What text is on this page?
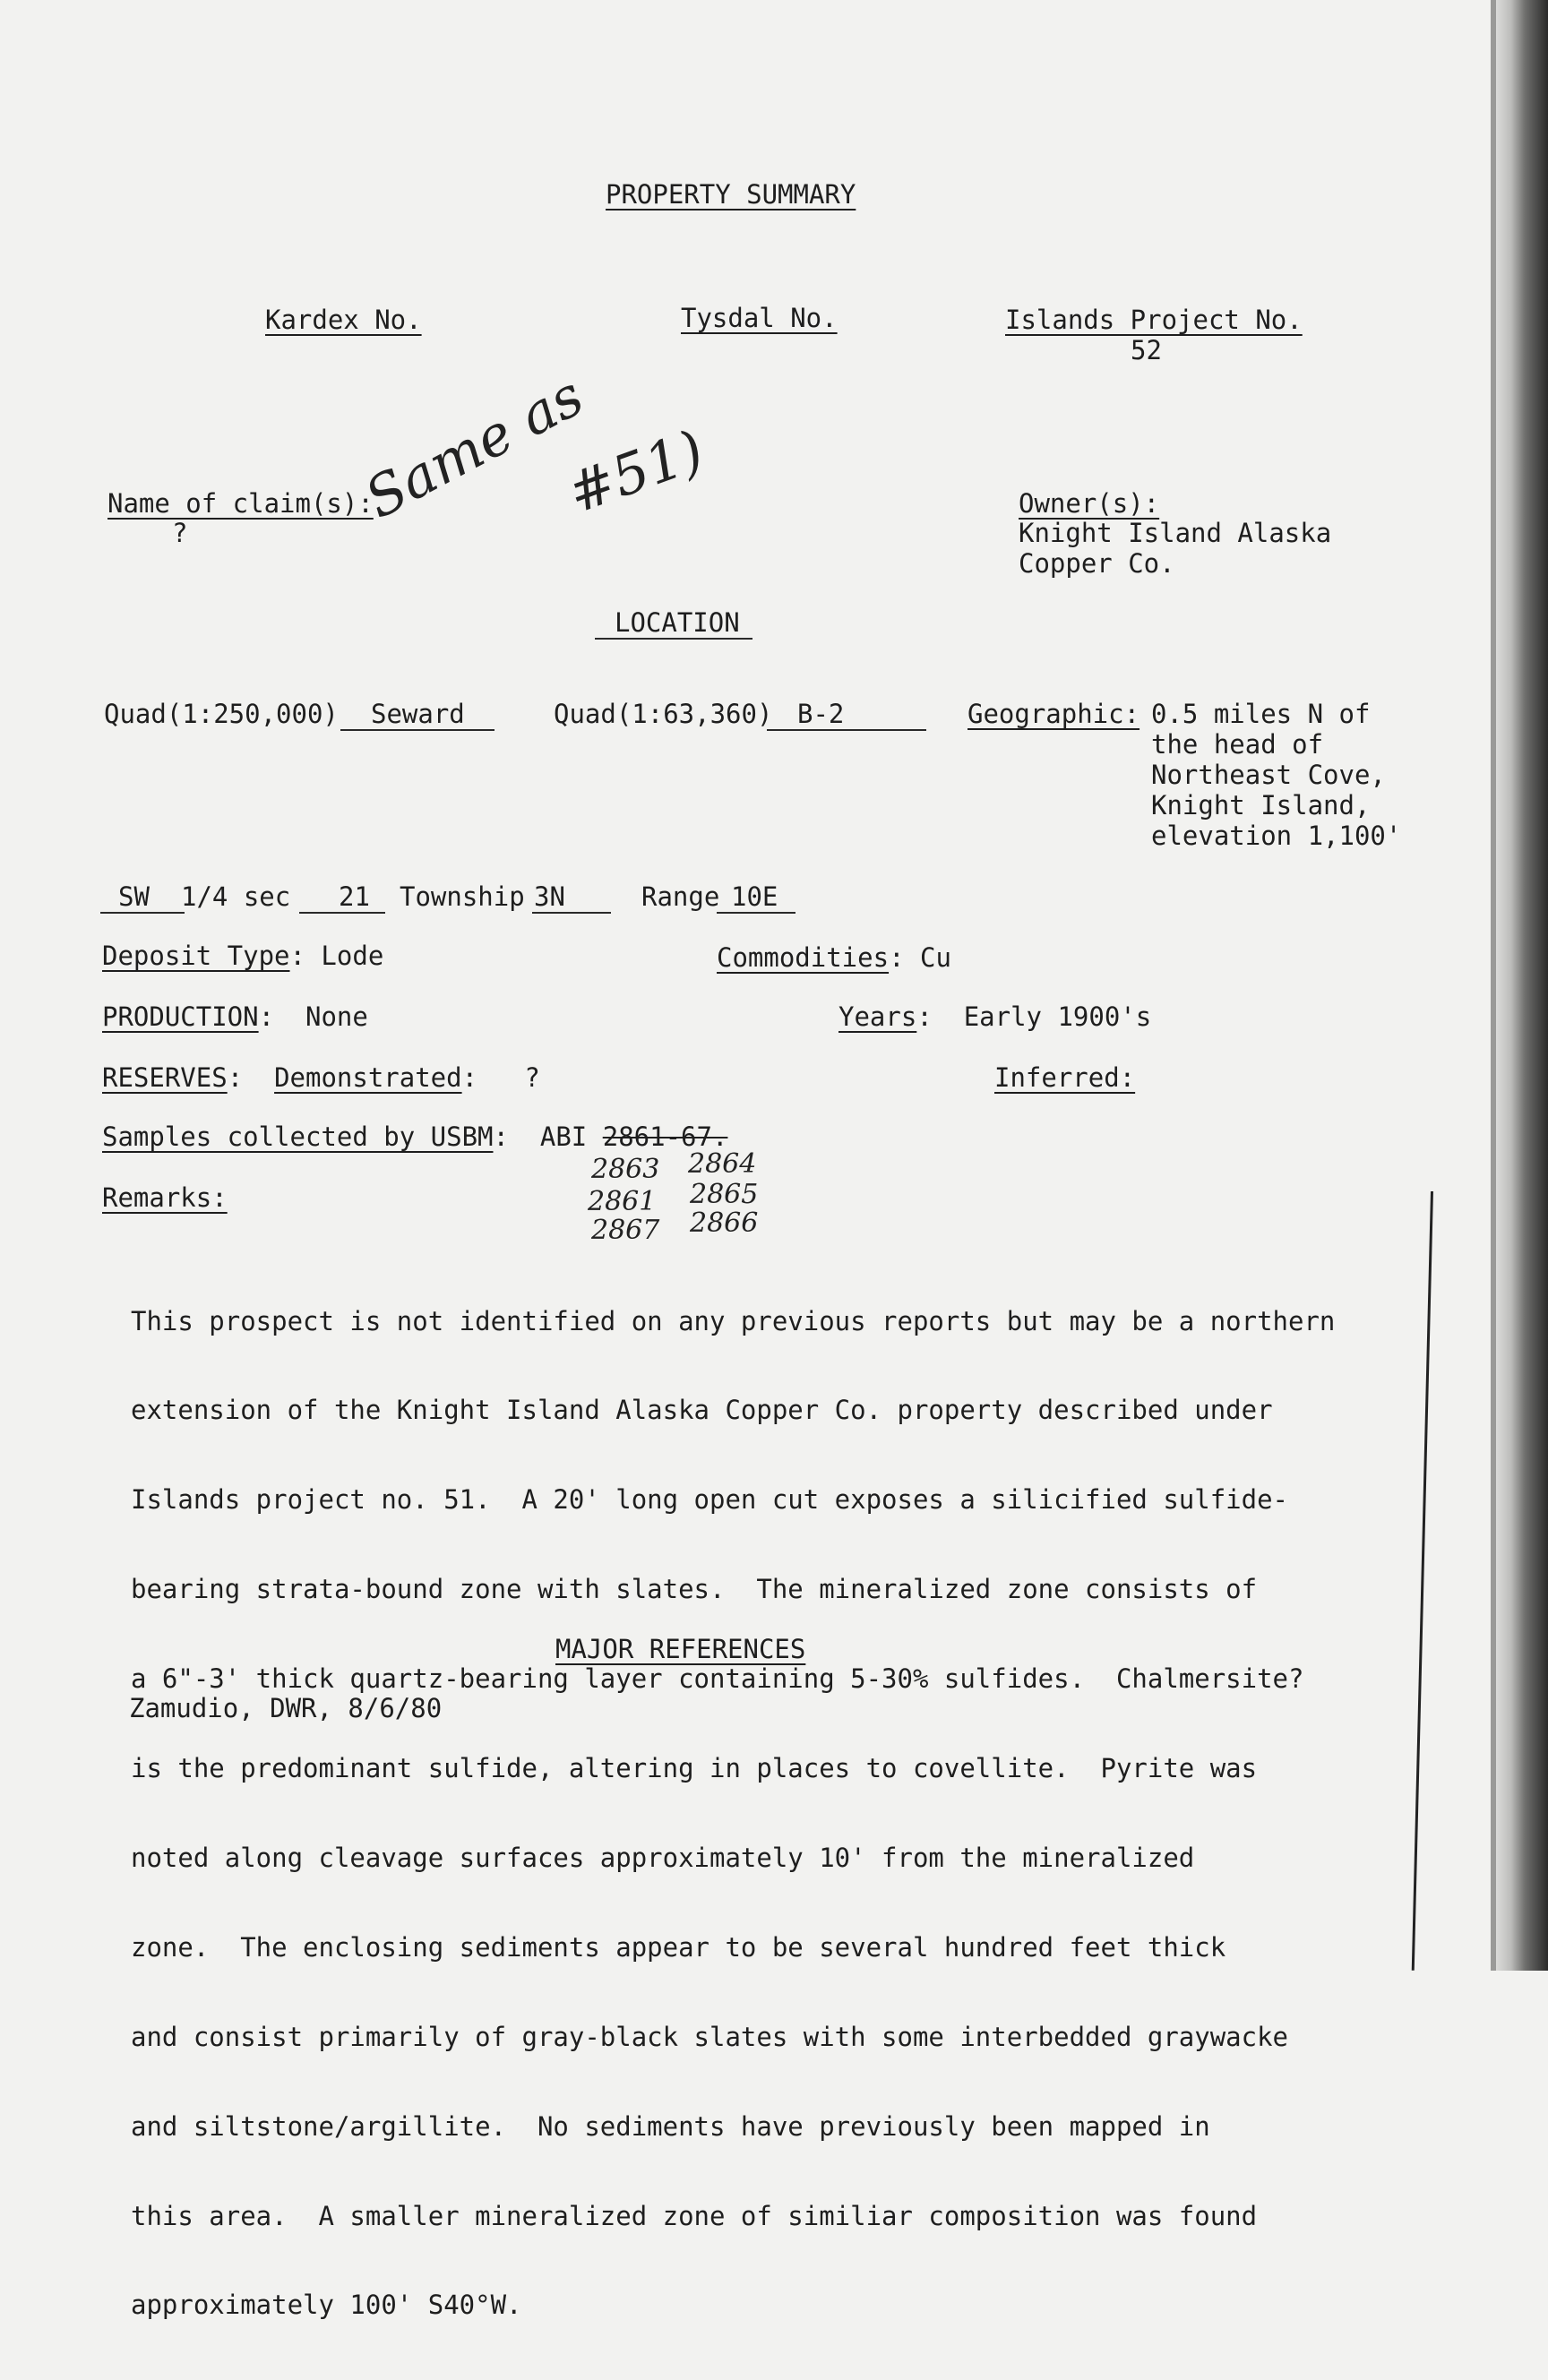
PROPERTY SUMMARY
Kardex No.	Tysdal No.	Islands Project No.
52
Name of claim(s):
?
Same as
#51)	Owner(s):
Knight Island Alaska
Copper Co.
LOCATION
Quad(1:250,000) Seward	Quad(1:63,360) B-2	Geographic: 0.5 miles N of
the head of
Northeast Cove,
Knight Island,
elevation 1,100'
SW 1/4 sec 21 Township 3N	Range 10E
Deposit Type: Lode	Commodities: Cu
PRODUCTION:  None	Years:  Early 1900's
RESERVES:  Demonstrated:   ?	Inferred:
Samples collected by USBM:  ABI 2861-67.
2863 2864
2861 2865
2867 2866
Remarks:

This prospect is not identified on any previous reports but may be a northern

extension of the Knight Island Alaska Copper Co. property described under

Islands project no. 51.  A 20' long open cut exposes a silicified sulfide-

bearing strata-bound zone with slates.  The mineralized zone consists of

a 6"-3' thick quartz-bearing layer containing 5-30% sulfides.  Chalmersite?

is the predominant sulfide, altering in places to covellite.  Pyrite was

noted along cleavage surfaces approximately 10' from the mineralized

zone.  The enclosing sediments appear to be several hundred feet thick

and consist primarily of gray-black slates with some interbedded graywacke

and siltstone/argillite.  No sediments have previously been mapped in

this area.  A smaller mineralized zone of similiar composition was found

approximately 100' S40°W.

MAJOR REFERENCES
Zamudio, DWR, 8/6/80
